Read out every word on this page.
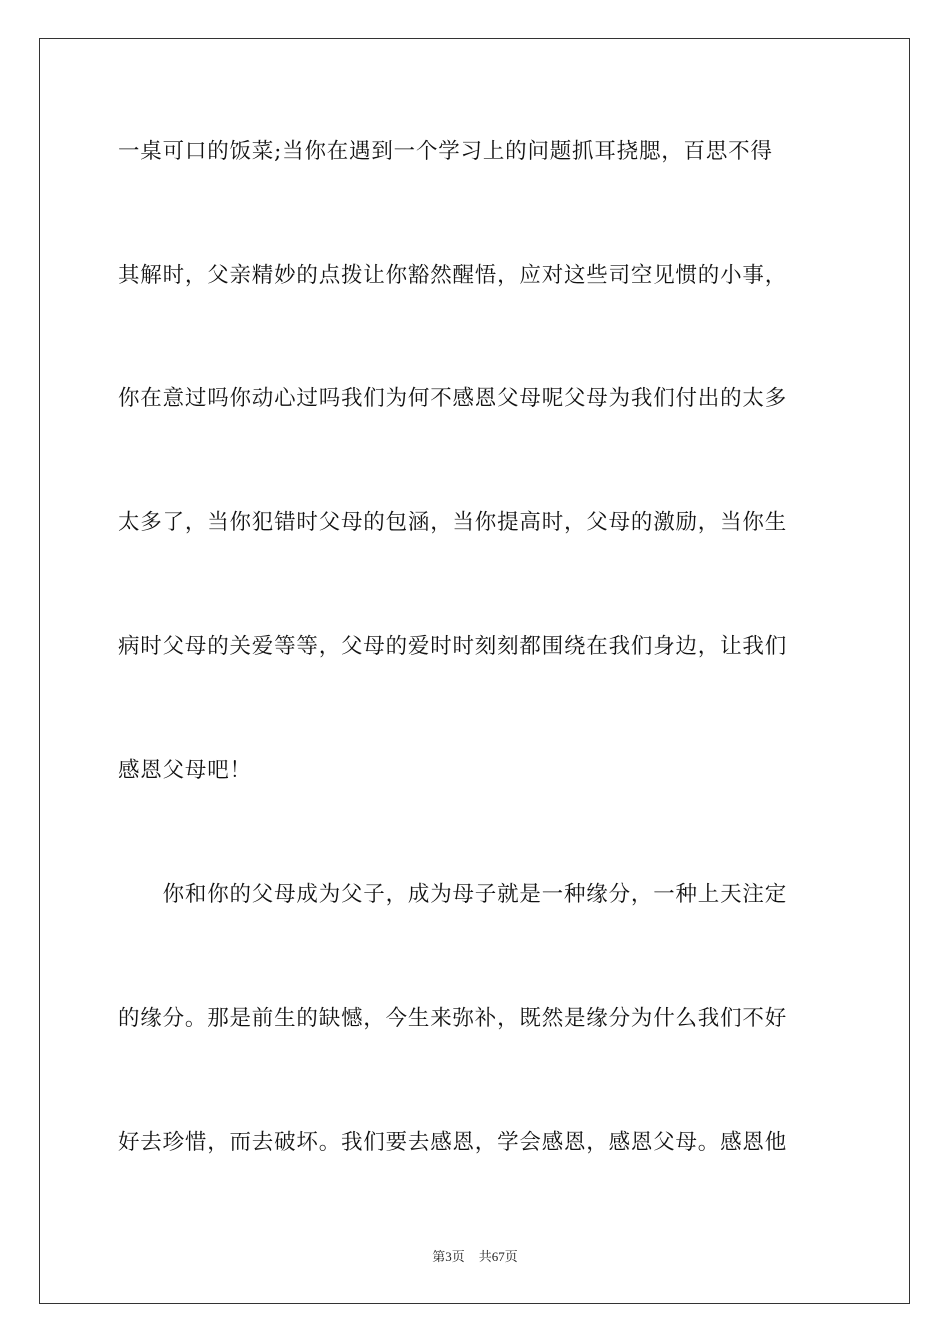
一桌可口的饭菜;当你在遇到一个学习上的问题抓耳挠腮，百思不得
其解时，父亲精妙的点拨让你豁然醒悟，应对这些司空见惯的小事，
你在意过吗你动心过吗我们为何不感恩父母呢父母为我们付出的太多
太多了，当你犯错时父母的包涵，当你提高时，父母的激励，当你生
病时父母的关爱等等，父母的爱时时刻刻都围绕在我们身边，让我们
感恩父母吧！
　　你和你的父母成为父子，成为母子就是一种缘分，一种上天注定
的缘分。那是前生的缺憾，今生来弥补，既然是缘分为什么我们不好
好去珍惜，而去破坏。我们要去感恩，学会感恩，感恩父母。感恩他
第3页 共67页
